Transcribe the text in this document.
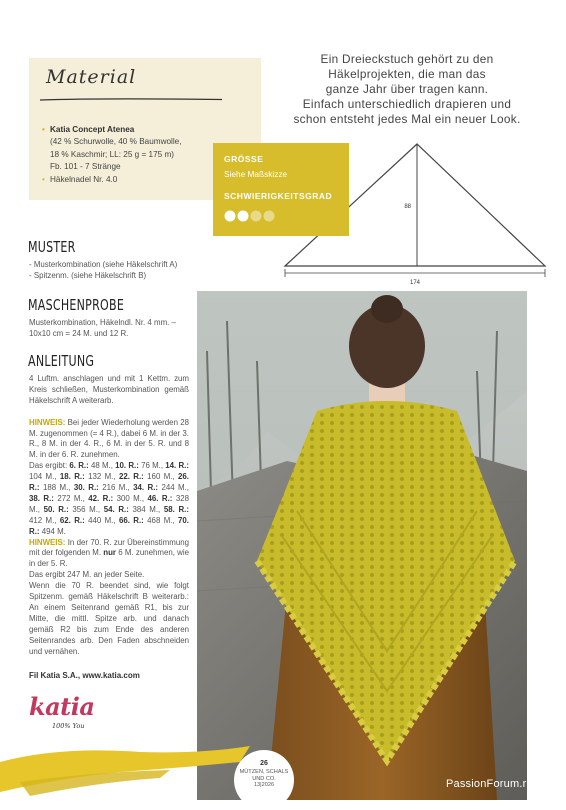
Material
• Katia Concept Atenea
(42 % Schurwolle, 40 % Baumwolle,
18 % Kaschmir; LL: 25 g = 175 m)
Fb. 101 - 7 Stränge
• Häkelnadel Nr. 4.0
Ein Dreieckstuch gehört zu den
Häkelprojekten, die man das
ganze Jahr über tragen kann.
Einfach unterschiedlich drapieren und
schon entsteht jedes Mal ein neuer Look.
88
174
GRÖSSE
Siehe Maßskizze
SCHWIERIGKEITSGRAD
MUSTER
- Musterkombination (siehe Häkelschrift A)
- Spitzenm. (siehe Häkelschrift B)
MASCHENPROBE
Musterkombination, Häkelndl. Nr. 4 mm. –
10x10 cm = 24 M. und 12 R.
ANLEITUNG

4 Luftm. anschlagen und mit 1 Kettm. zum Kreis schließen, Musterkombination gemäß Häkelschrift A weiterarb.

HINWEIS: Bei jeder Wiederholung werden 28 M. zugenommen (= 4 R.), dabei 6 M. in der 3. R., 8 M. in der 4. R., 6 M. in der 5. R. und 8 M. in der 6. R. zunehmen.

Das ergibt: 6. R.: 48 M., 10. R.: 76 M., 14. R.: 104 M., 18. R.: 132 M., 22. R.: 160 M., 26. R.: 188 M., 30. R.: 216 M., 34. R.: 244 M., 38. R.: 272 M., 42. R.: 300 M., 46. R.: 328 M., 50. R.: 356 M., 54. R.: 384 M., 58. R.: 412 M., 62. R.: 440 M., 66. R.: 468 M., 70. R.: 494 M.

HINWEIS: In der 70. R. zur Übereinstimmung mit der folgenden M. nur 6 M. zunehmen, wie in der 5. R.

Das ergibt 247 M. an jeder Seite.

Wenn die 70 R. beendet sind, wie folgt Spitzenm. gemäß Häkelschrift B weiterarb.: An einem Seitenrand gemäß R1, bis zur Mitte, die mittl. Spitze arb. und danach gemäß R2 bis zum Ende des anderen Seitenrandes arb. Den Faden abschneiden und vernähen.

Fil Katia S.A., www.katia.com
katia
100% You
26
MÜTZEN, SCHALS
UND CO.
13|2026	PassionForum.ru
